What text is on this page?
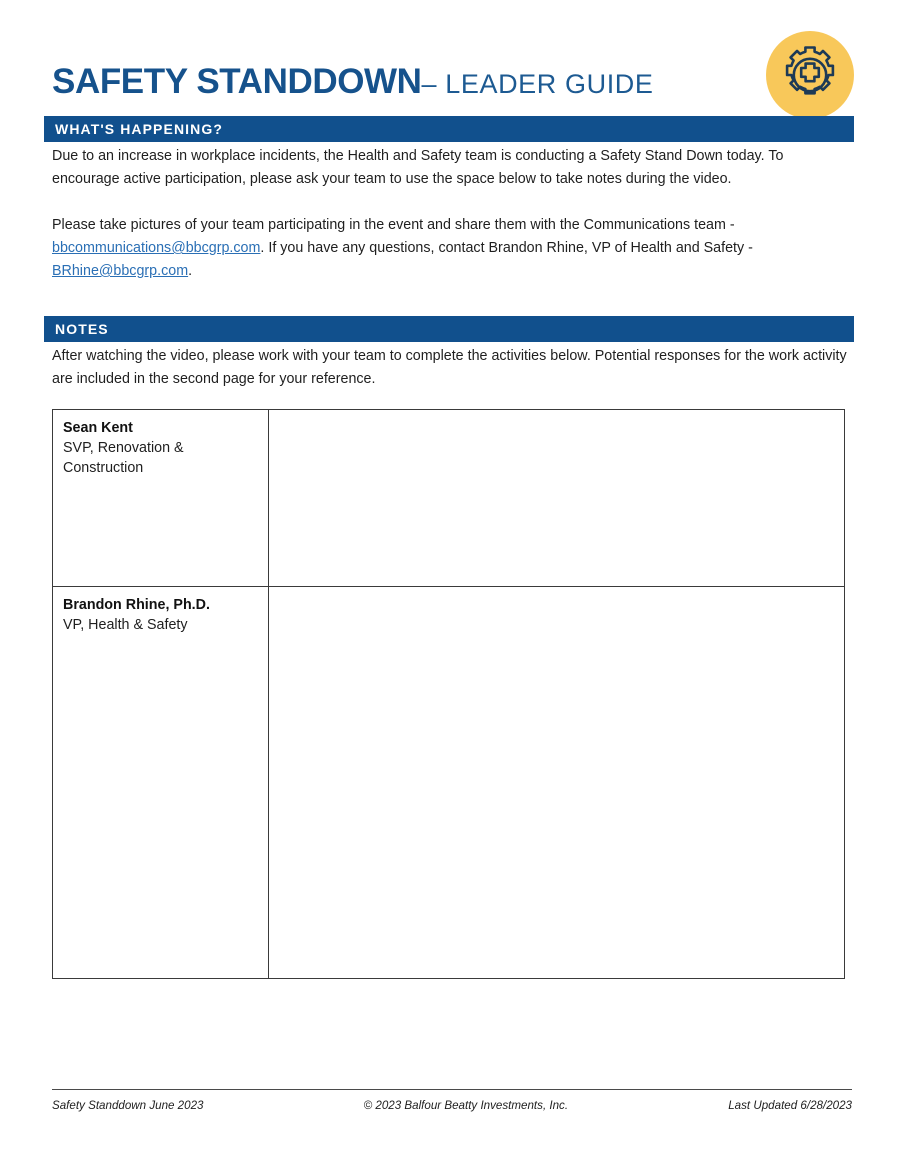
SAFETY STANDDOWN– LEADER GUIDE
WHAT'S HAPPENING?

Due to an increase in workplace incidents, the Health and Safety team is conducting a Safety Stand Down today. To encourage active participation, please ask your team to use the space below to take notes during the video.

Please take pictures of your team participating in the event and share them with the Communications team - bbcommunications@bbcgrp.com. If you have any questions, contact Brandon Rhine, VP of Health and Safety - BRhine@bbcgrp.com.

NOTES

After watching the video, please work with your team to complete the activities below. Potential responses for the work activity are included in the second page for your reference.

Sean Kent
SVP, Renovation & Construction	

Brandon Rhine, Ph.D.
VP, Health & Safety	

Safety Standdown June 2023	© 2023 Balfour Beatty Investments, Inc.	Last Updated 6/28/2023
